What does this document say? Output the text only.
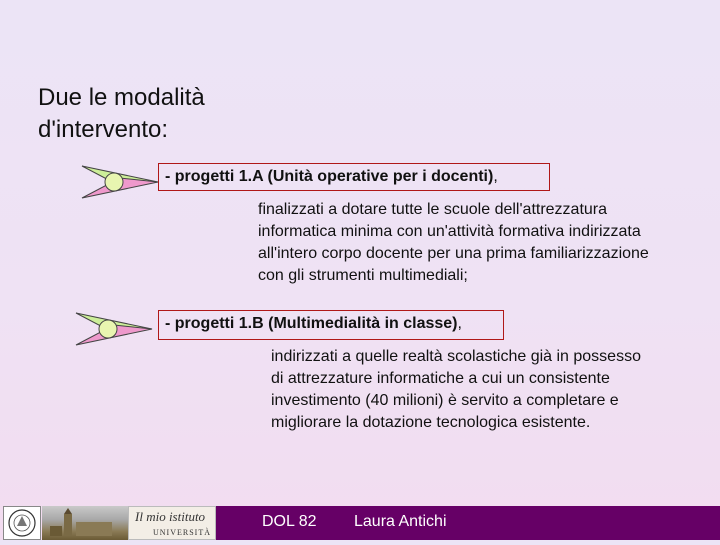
Due le modalità d'intervento:
- progetti 1.A (Unità operative per i docenti),
finalizzati a dotare tutte le scuole dell'attrezzatura
informatica minima con un'attività formativa indirizzata
all'intero corpo docente per una prima familiarizzazione
con gli strumenti multimediali;
- progetti 1.B (Multimedialità in classe),
indirizzati a quelle realtà scolastiche già in possesso
di attrezzature informatiche a cui un consistente
investimento (40 milioni) è servito a completare e
migliorare la dotazione tecnologica esistente.
Il mio istituto
UNIVERSITÀ
DOL 82 Laura Antichi
